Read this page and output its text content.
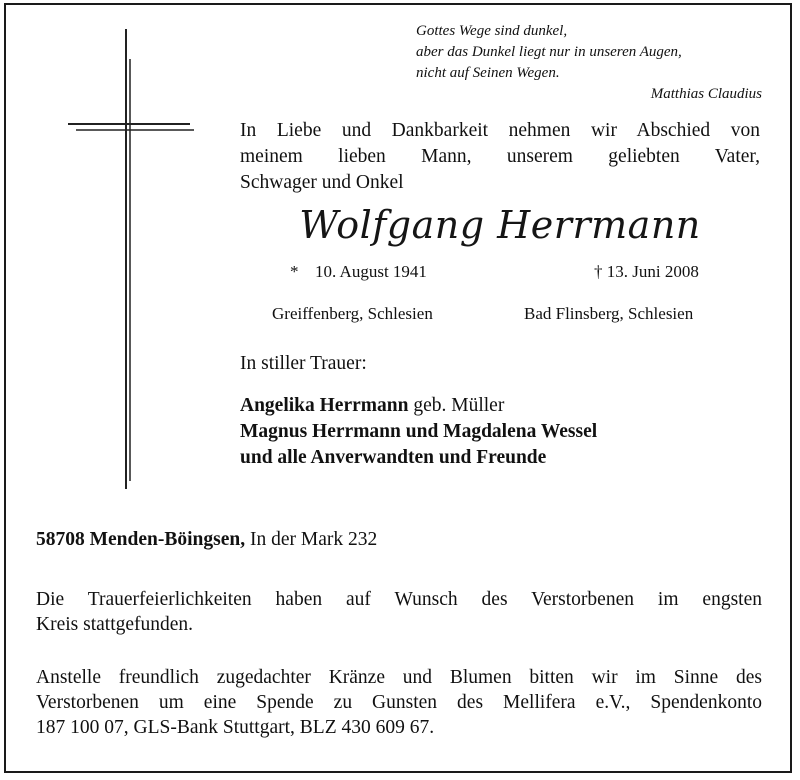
Gottes Wege sind dunkel,
aber das Dunkel liegt nur in unseren Augen,
nicht auf Seinen Wegen.
Matthias Claudius
In Liebe und Dankbarkeit nehmen wir Abschied von
meinem lieben Mann, unserem geliebten Vater,
Schwager und Onkel
Wolfgang Herrmann
* 10. August 1941	† 13. Juni 2008
Greiffenberg, Schlesien	Bad Flinsberg, Schlesien
In stiller Trauer:
Angelika Herrmann geb. Müller
Magnus Herrmann und Magdalena Wessel
und alle Anverwandten und Freunde
58708 Menden-Böingsen, In der Mark 232
Die Trauerfeierlichkeiten haben auf Wunsch des Verstorbenen im engsten
Kreis stattgefunden.
Anstelle freundlich zugedachter Kränze und Blumen bitten wir im Sinne des
Verstorbenen um eine Spende zu Gunsten des Mellifera e.V., Spendenkonto
187 100 07, GLS-Bank Stuttgart, BLZ 430 609 67.
